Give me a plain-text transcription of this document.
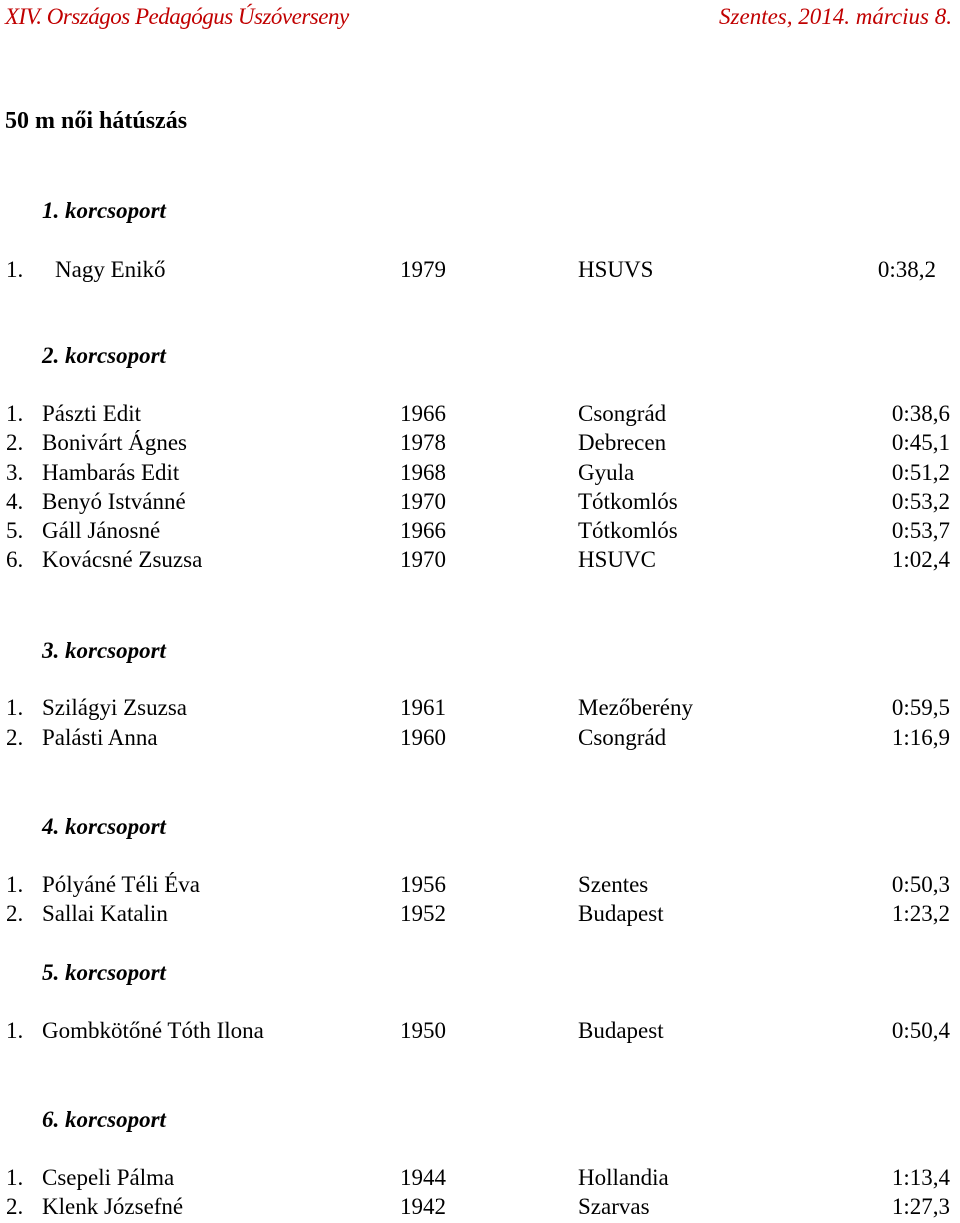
XIV. Országos Pedagógus Úszóverseny	Szentes, 2014. március 8.
50 m női hátúszás
1. korcsoport
1. Nagy Enikő	1979	HSUVS	0:38,2
2. korcsoport
1. Pászti Edit	1966	Csongrád	0:38,6
2. Bonivárt Ágnes	1978	Debrecen	0:45,1
3. Hambarás Edit	1968	Gyula	0:51,2
4. Benyó Istvánné	1970	Tótkomlós	0:53,2
5. Gáll Jánosné	1966	Tótkomlós	0:53,7
6. Kovácsné Zsuzsa	1970	HSUVC	1:02,4
3. korcsoport
1. Szilágyi Zsuzsa	1961	Mezőberény	0:59,5
2. Palásti Anna	1960	Csongrád	1:16,9
4. korcsoport
1. Pólyáné Téli Éva	1956	Szentes	0:50,3
2. Sallai Katalin	1952	Budapest	1:23,2
5. korcsoport
1. Gombkötőné Tóth Ilona	1950	Budapest	0:50,4
6. korcsoport
1. Csepeli Pálma	1944	Hollandia	1:13,4
2. Klenk Józsefné	1942	Szarvas	1:27,3
